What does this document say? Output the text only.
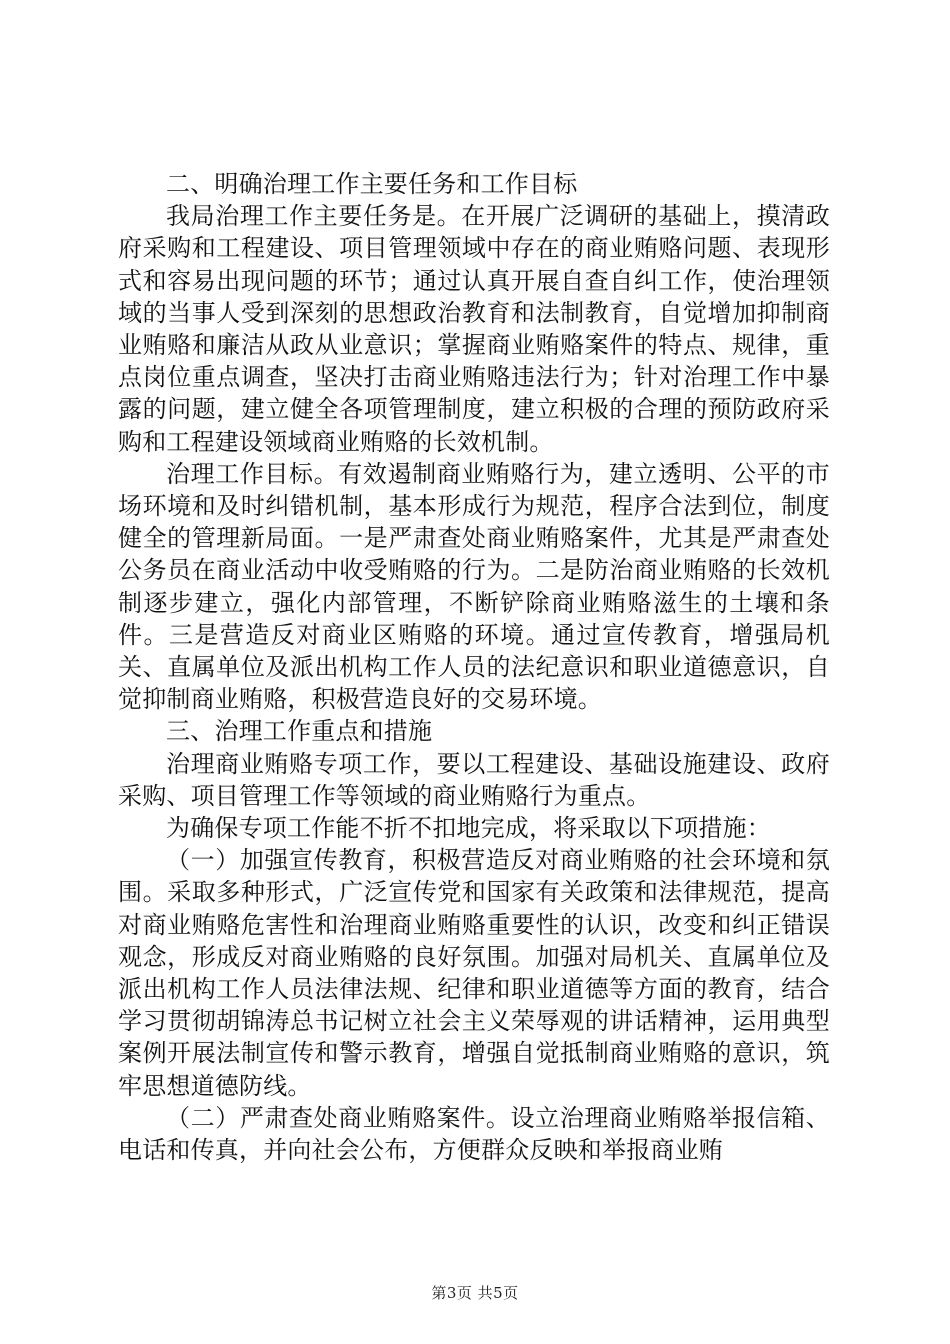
二、明确治理工作主要任务和工作目标

我局治理工作主要任务是。在开展广泛调研的基础上，摸清政府采购和工程建设、项目管理领域中存在的商业贿赂问题、表现形式和容易出现问题的环节；通过认真开展自查自纠工作，使治理领域的当事人受到深刻的思想政治教育和法制教育，自觉增加抑制商业贿赂和廉洁从政从业意识；掌握商业贿赂案件的特点、规律，重点岗位重点调查，坚决打击商业贿赂违法行为；针对治理工作中暴露的问题，建立健全各项管理制度，建立积极的合理的预防政府采购和工程建设领域商业贿赂的长效机制。

治理工作目标。有效遏制商业贿赂行为，建立透明、公平的市场环境和及时纠错机制，基本形成行为规范，程序合法到位，制度健全的管理新局面。一是严肃查处商业贿赂案件，尤其是严肃查处公务员在商业活动中收受贿赂的行为。二是防治商业贿赂的长效机制逐步建立，强化内部管理，不断铲除商业贿赂滋生的土壤和条件。三是营造反对商业区贿赂的环境。通过宣传教育，增强局机关、直属单位及派出机构工作人员的法纪意识和职业道德意识，自觉抑制商业贿赂，积极营造良好的交易环境。

三、治理工作重点和措施

治理商业贿赂专项工作，要以工程建设、基础设施建设、政府采购、项目管理工作等领域的商业贿赂行为重点。

为确保专项工作能不折不扣地完成，将采取以下项措施：

（一）加强宣传教育，积极营造反对商业贿赂的社会环境和氛围。采取多种形式，广泛宣传党和国家有关政策和法律规范，提高对商业贿赂危害性和治理商业贿赂重要性的认识，改变和纠正错误观念，形成反对商业贿赂的良好氛围。加强对局机关、直属单位及派出机构工作人员法律法规、纪律和职业道德等方面的教育，结合学习贯彻胡锦涛总书记树立社会主义荣辱观的讲话精神，运用典型案例开展法制宣传和警示教育，增强自觉抵制商业贿赂的意识，筑牢思想道德防线。

（二）严肃查处商业贿赂案件。设立治理商业贿赂举报信箱、电话和传真，并向社会公布，方便群众反映和举报商业贿

第3页 共5页
